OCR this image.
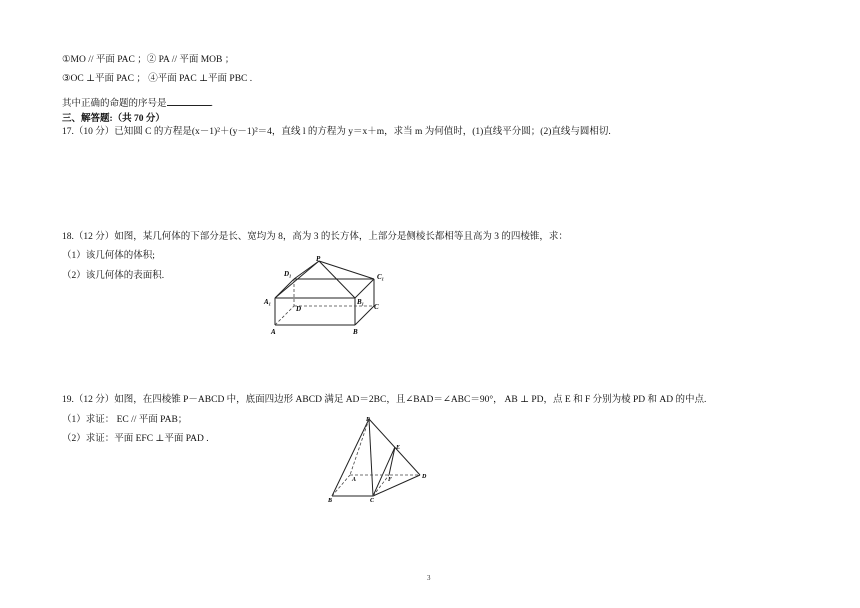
①MO // 平面 PAC ；② PA // 平面 MOB ；
③OC ⊥平面 PAC ； ④平面 PAC ⊥平面 PBC .
其中正确的命题的序号是	.
三、解答题:（共 70 分）
17.（10 分）已知圆 C 的方程是(x－1)²＋(y－1)²＝4，直线 l 的方程为 y＝x＋m，求当 m 为何值时，(1)直线平分圆；(2)直线与圆相切.
18.（12 分）如图，某几何体的下部分是长、宽均为 8，高为 3 的长方体，上部分是侧棱长都相等且高为 3 的四棱锥，求：
（1）该几何体的体积;
（2）该几何体的表面积.
P
D₁	C₁
A₁	B₁
D	C
A	B
19.（12 分）如图，在四棱锥 P－ABCD 中，底面四边形 ABCD 满足 AD＝2BC，且∠BAD＝∠ABC＝90°， AB ⊥ PD，点 E 和 F 分别为棱 PD 和 AD 的中点.
（1）求证： EC // 平面 PAB；
（2）求证：平面 EFC ⊥平面 PAD .
P
E
A	F	D
B	C
3
